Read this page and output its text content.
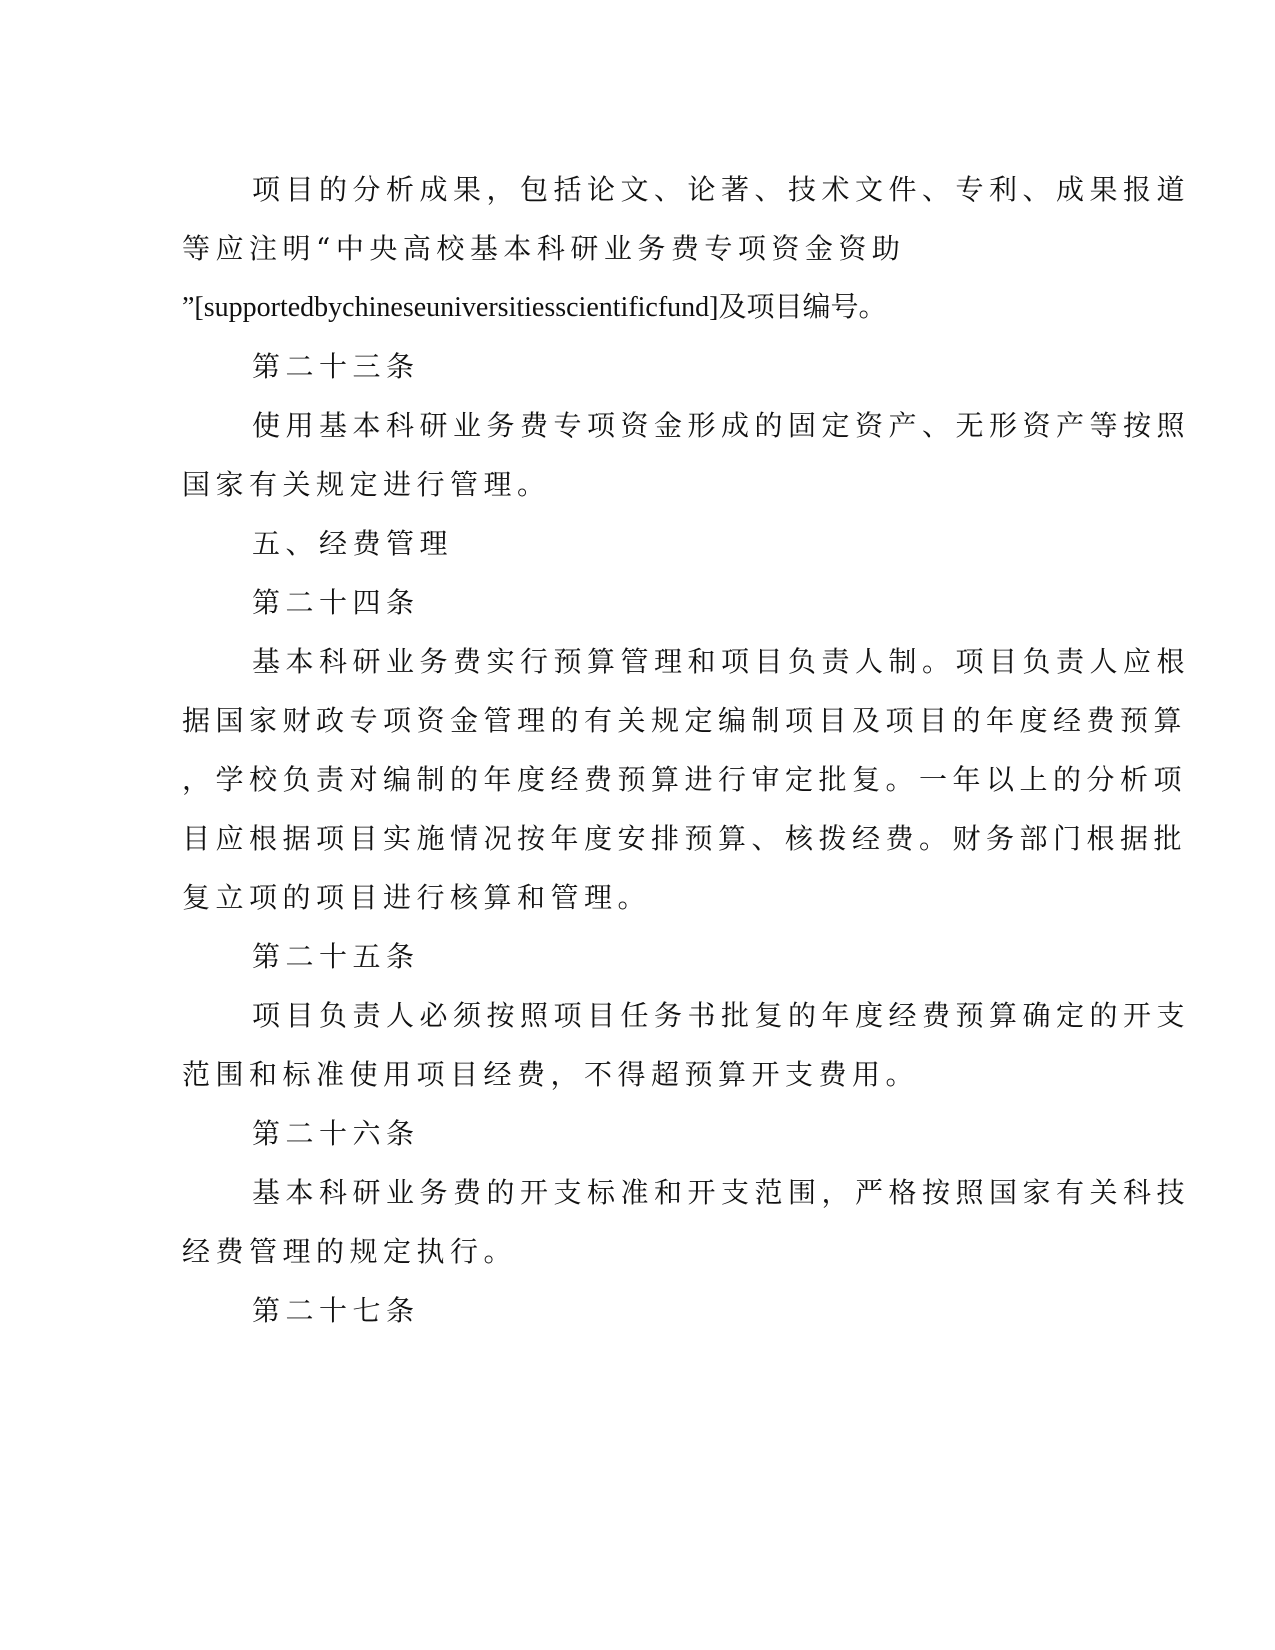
项目的分析成果，包括论文、论著、技术文件、专利、成果报道
等应注明“中央高校基本科研业务费专项资金资助
”[supportedbychineseuniversitiesscientificfund]及项目编号。
第二十三条
使用基本科研业务费专项资金形成的固定资产、无形资产等按照
国家有关规定进行管理。
五、经费管理
第二十四条
基本科研业务费实行预算管理和项目负责人制。项目负责人应根
据国家财政专项资金管理的有关规定编制项目及项目的年度经费预算
，学校负责对编制的年度经费预算进行审定批复。一年以上的分析项
目应根据项目实施情况按年度安排预算、核拨经费。财务部门根据批
复立项的项目进行核算和管理。
第二十五条
项目负责人必须按照项目任务书批复的年度经费预算确定的开支
范围和标准使用项目经费，不得超预算开支费用。
第二十六条
基本科研业务费的开支标准和开支范围，严格按照国家有关科技
经费管理的规定执行。
第二十七条
